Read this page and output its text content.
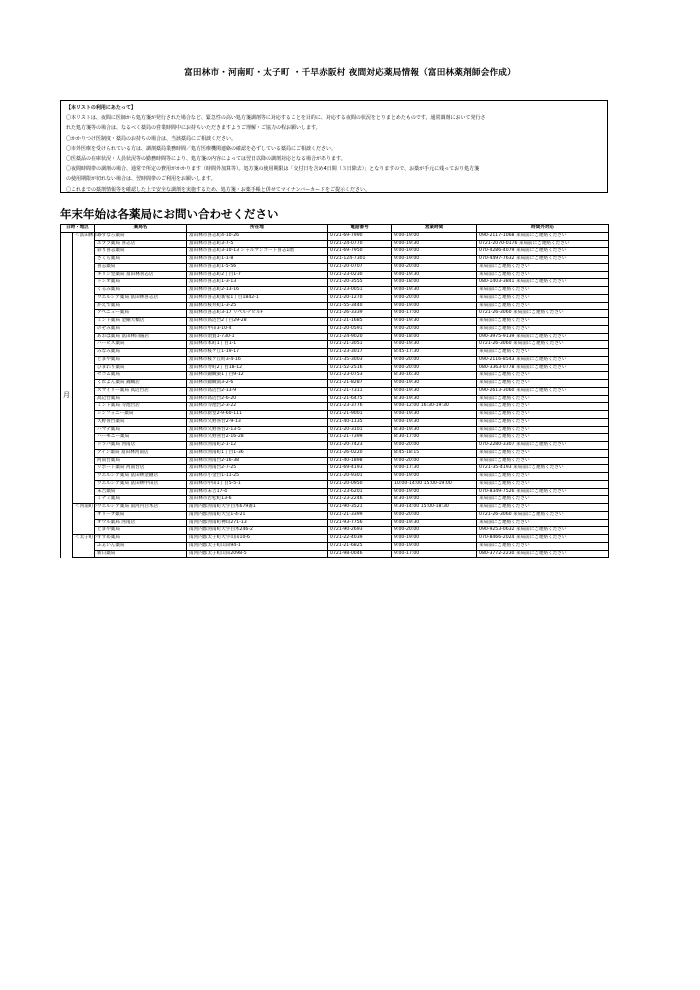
富田林市・河南町・太子町 ・千早赤阪村 夜間対応薬局情報（富田林薬剤師会作成）
【本リストの利用にあたって】
〇本リストは、夜間に医師から処方箋が発行された場合など、緊急性の高い処方箋調剤等に対応することを目的に、対応する夜間の状況をとりまとめたものです。通常調剤において発行さ
れた処方箋等の場合は、なるべく薬局の営業時間中にお持ちいただきますようご理解・ご協力の程お願いします。
〇かかりつけ医制度・薬局のお持ちの場合は、当該薬局にご相談ください。
〇市外医療を受けられている方は、調剤薬局業務時間／処方医療機関連絡の確認を必ずしている薬局にご相談ください。
〇医薬品の在庫状況・人員状況等の勤務時間等により、処方箋の内容によっては翌日以降の調剤対応となる場合があります。
〇夜間時間帯の調剤の場合、通常で所定の費用がかかります（時間外加算等）。処方箋の使用期限は「交付日を含め4日間（３日除去）」となりますので、お薬が手元に残っており処方箋
の使用期限が切れない場合は、翌時間帯のご利用をお願いします。
〇これまでの薬剤情報等を確認した上で安全な調剤を実施するため、処方箋・お薬手帳と併せてマイナンバーカードをご提示ください。
年末年始は各薬局にお問い合わせください
日時・地区		薬局名	所在地	電話番号	営業時間	時間外対応
月	＜富田林市＞	あすなろ薬局	富田林市喜志町4-10-26	0721-69-7990	9:00-19:00	090-2117-1068 来局前にご連絡ください
		エプラ薬局 喜志店	富田林市喜志町3-7-5	0721-24-0770	9:00-19:30	0721-2070-0176 来局前にご連絡ください
		彩り喜志薬局	富田林市喜志町3-10-13 シャルマンコート喜志1階	0721-69-7950	9:00-19:00	070-4286-4079 来局前にご連絡ください
		さくら薬局	富田林市喜志町1-1-8	0721-124-7301	9:00-19:00	070-4497-7632 来局前にご連絡ください
		喜志薬局	富田林市喜志町1-5-56	0721-20-0707	9:00-20:00	来局前にご連絡ください
		キリン堂薬局 富田林喜志店	富田林市喜志町2丁目1-7	0721-23-0230	9:00-19:30	来局前にご連絡ください
		トシオ薬局	富田林市喜志町1-3-13	0721-20-3555	9:00-18:00	080-1403-3841 来局前にご連絡ください
		くるみ薬局	富田林市喜志町2-13-16	0721-23-0051	9:00-19:30	来局前にご連絡ください
		ウエルシア薬局 富田林喜志店	富田林市喜志町新家1丁目1842-1	0721-20-1270	9:00-20:00	来局前にご連絡ください
		かえで薬局	富田林市桜井町1-3-25	0721-55-3440	9:00-19:00	来局前にご連絡ください
		アベニュー薬局	富田林市喜志町3-17 リベルテビルF	0721-26-3339	9:00-17:00	0721-26-3060 来局前にご連絡ください
		ミント薬局 金剛大橋店	富田林市高辺台2丁目29-28	0721-21-1685	9:00-19:30	来局前にご連絡ください
		のぞみ薬局	富田林市甲田3-10-4	0721-20-0591	9:00-20:00	来局前にご連絡ください
		あおば薬局 富田林向陽店	富田林市須賀1-730-1	0721-24-9020	9:00-18:00	090-3975-9139 来局前にご連絡ください
		ハービス薬局	富田林市本町1丁目1-1	0721-21-3051	9:00-19:30	0721-26-3060 来局前にご連絡ください
		みなみ薬局	富田林市桜ケ丘1-19-17	0721-23-3017	8:45-17:30	来局前にご連絡ください
		とまや薬局	富田林市桜ケ丘町3-4-16	0721-35-3003	9:00-20:00	090-2116-8543 来局前にご連絡ください
		ひまわり薬局	富田林市寿町2丁目18-12	0721-52-2516	9:00-20:00	080-3363-0778 来局前にご連絡ください
		セコム薬局	富田林市錦織東1丁目9-12	0721-23-0753	8:30-16:30	来局前にご連絡ください
		くれよん薬局 錦織店	富田林市錦織南3-2-6	0721-21-8287	9:00-19:30	来局前にご連絡ください
		スマイリー薬局 高辺台店	富田林市高辺台2-13-9	0721-21-7311	9:00-19:30	090-2613-3060 来局前にご連絡ください
		高辺台薬局	富田林市高辺台2-6-20	0721-21-6475	8:30-19:30	来局前にご連絡ください
		ミント薬局 寺池台店	富田林市寺池台2-3-22	0721-23-3776	9:00-12:00 16:30-19:30	来局前にご連絡ください
		シンフォニー薬局	富田林市新堂2-9-60-111	0721-21-9001	9:00-19:30	来局前にご連絡ください
		久野喜台薬局	富田林市久野喜台2-9-13	0721-40-1135	9:00-19:30	来局前にご連絡ください
		ハマデ薬局	富田林市久野喜台2-13-5	0721-20-3101	8:30-19:30	来局前にご連絡ください
		ハーモニー薬局	富田林市久野喜台2-16-28	0721-21-7399	8:30-17:00	来局前にご連絡ください
		ドラパ薬局 河南店	富田林市河南町2-1-12	0721-20-7423	9:00-20:00	070-2280-3307 来局前にご連絡ください
		アイン薬局 富田林河南店	富田林市河南町1丁目1-36	0721-26-0220	8:45-18:15	来局前にご連絡ください
		河南台薬局	富田林市河南台2-16-38	0721-40-1898	9:00-20:00	来局前にご連絡ください
		リボート薬局 河南台店	富田林市河南台2-7-25	0721-69-4193	9:00-17:30	0721-35-4193 来局前にご連絡ください
		ウエルシア薬局 富田林金剛店	富田林市小金台1-11-25	0721-20-9301	9:00-19:00	来局前にご連絡ください
		ウエルシア薬局 富田林中田店	富田林市中田1丁目5-5-1	0721-20-0950	10:00-14:00 15:00-19:00	来局前にご連絡ください
		末吉薬局	富田林市末吉17-4	0721-23-6201	9:00-19:00	070-8349-7526 来局前にご連絡ください
		ミナミ薬局	富田林市若松町13-6	0721-23-2246	8:30-19:00	来局前にご連絡ください
	＜河南町＞	ウエルシア薬局 南河内白木店	南河内郡河南町大字白木679番1	0721-90-3521	9:30-14:00 15:00-18:30	来局前にご連絡ください
		オリーブ薬局	南河内郡河南町大宝1-4-21	0721-21-3399	9:00-20:00	0721-26-3060 来局前にご連絡ください
		オウル薬局 河南店	南河内郡河南町神山271-13	0721-93-7756	9:00-19:30	来局前にご連絡ください
		とまや薬局	南河内郡河南町大字白木246-2	0721-90-2693	9:00-20:00	090-9253-0632 来局前にご連絡ください
	＜太子町＞	すずめ薬局	南河内郡太子町大字山田10-6	0721-22-4039	9:00-19:00	070-8466-2024 来局前にご連絡ください
		ふぁいん薬局	南河内郡太子町山田94-1	0721-21-6825	9:00-19:00	来局前にご連絡ください
		新日薬局	南河内郡太子町山田2098-5	0721-98-0046	9:00-17:00	080-3772-2230 来局前にご連絡ください
